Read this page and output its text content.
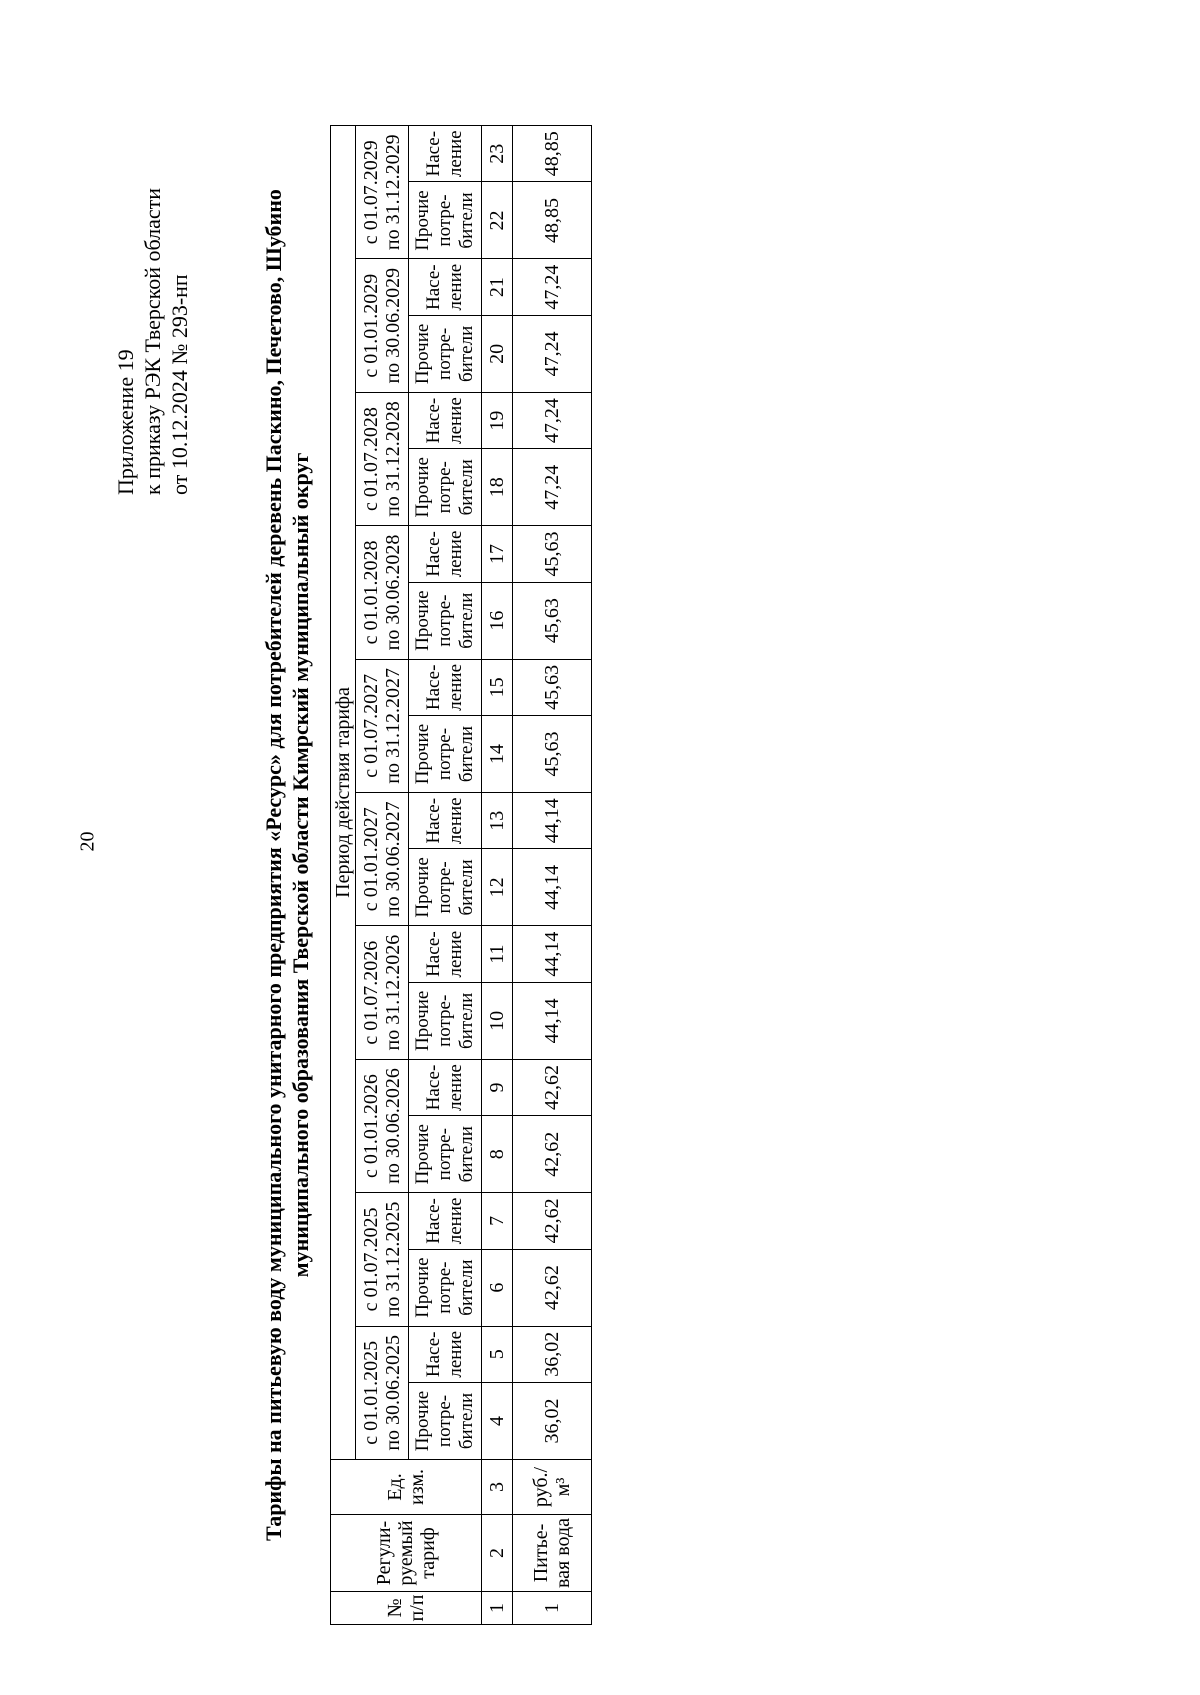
20
Приложение 19 к приказу РЭК Тверской области от 10.12.2024 № 293-нп	Тарифы на питьевую воду муниципального унитарного предприятия «Ресурс» для потребителей деревень Паскино, Печетово, Шубино муниципального образования Тверской области Кимрский муниципальный округ
№ п/п	Регули-руемый тариф	Ед. изм.	Период действия тарифа																			
			с 01.01.2025 по 30.06.2025		с 01.07.2025 по 31.12.2025		с 01.01.2026 по 30.06.2026		с 01.07.2026 по 31.12.2026		с 01.01.2027 по 30.06.2027		с 01.07.2027 по 31.12.2027		с 01.01.2028 по 30.06.2028		с 01.07.2028 по 31.12.2028		с 01.01.2029 по 30.06.2029		с 01.07.2029 по 31.12.2029	
			Прочие потре-бители	Насе-ление	Прочие потре-бители	Насе-ление	Прочие потре-бители	Насе-ление	Прочие потре-бители	Насе-ление	Прочие потре-бители	Насе-ление	Прочие потре-бители	Насе-ление	Прочие потре-бители	Насе-ление	Прочие потре-бители	Насе-ление	Прочие потре-бители	Насе-ление	Прочие потре-бители	Насе-ление
1	2	3	4	5	6	7	8	9	10	11	12	13	14	15	16	17	18	19	20	21	22	23
1	Питье-вая вода	руб./м³	36,02	36,02	42,62	42,62	42,62	42,62	44,14	44,14	44,14	44,14	45,63	45,63	45,63	45,63	47,24	47,24	47,24	47,24	48,85	48,85
